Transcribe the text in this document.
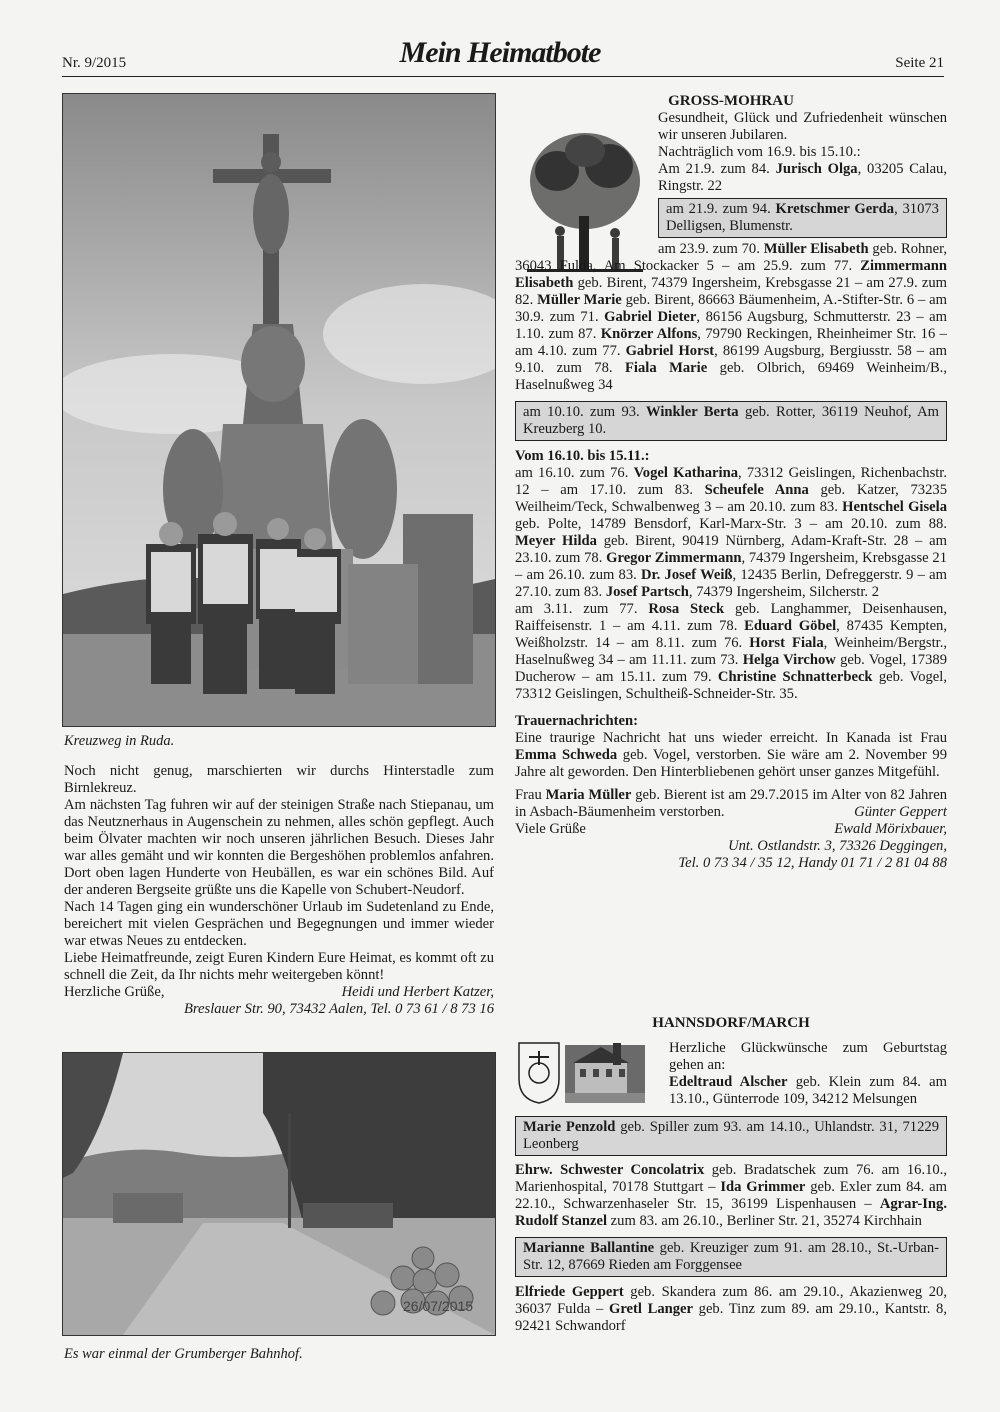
Nr. 9/2015	Mein Heimatbote	Seite 21
Kreuzweg in Ruda.

Noch nicht genug, marschierten wir durchs Hinterstadle zum Birnlekreuz.

Am nächsten Tag fuhren wir auf der steinigen Straße nach Stiepanau, um das Neutznerhaus in Augenschein zu nehmen, alles schön gepflegt. Auch beim Ölvater machten wir noch unseren jährlichen Besuch. Dieses Jahr war alles gemäht und wir konnten die Bergeshöhen problemlos anfahren. Dort oben lagen Hunderte von Heubällen, es war ein schönes Bild. Auf der anderen Bergseite grüßte uns die Kapelle von Schubert-Neudorf.

Nach 14 Tagen ging ein wunderschöner Urlaub im Sudetenland zu Ende, bereichert mit vielen Gesprächen und Begegnungen und immer wieder war etwas Neues zu entdecken.

Liebe Heimatfreunde, zeigt Euren Kindern Eure Heimat, es kommt oft zu schnell die Zeit, da Ihr nichts mehr weitergeben könnt!

Herzliche Grüße,	Heidi und Herbert Katzer,
Breslauer Str. 90, 73432 Aalen, Tel. 0 73 61 / 8 73 16
26/07/2015
Es war einmal der Grumberger Bahnhof.
GROSS-MOHRAU

Gesundheit, Glück und Zufriedenheit wünschen wir unseren Jubilaren.

Nachträglich vom 16.9. bis 15.10.:

Am 21.9. zum 84. Jurisch Olga, 03205 Calau, Ringstr. 22

am 21.9. zum 94. Kretschmer Gerda, 31073 Delligsen, Blumenstr.

am 23.9. zum 70. Müller Elisabeth geb. Rohner, 36043 Fulda, Am Stockacker 5 – am 25.9. zum 77. Zimmermann Elisabeth geb. Birent, 74379 Ingersheim, Krebsgasse 21 – am 27.9. zum 82. Müller Marie geb. Birent, 86663 Bäumenheim, A.-Stifter-Str. 6 – am 30.9. zum 71. Gabriel Dieter, 86156 Augsburg, Schmutterstr. 23 – am 1.10. zum 87. Knörzer Alfons, 79790 Reckingen, Rheinheimer Str. 16 – am 4.10. zum 77. Gabriel Horst, 86199 Augsburg, Bergiusstr. 58 – am 9.10. zum 78. Fiala Marie geb. Olbrich, 69469 Weinheim/B., Haselnußweg 34

am 10.10. zum 93. Winkler Berta geb. Rotter, 36119 Neuhof, Am Kreuzberg 10.

Vom 16.10. bis 15.11.:

am 16.10. zum 76. Vogel Katharina, 73312 Geislingen, Richenbachstr. 12 – am 17.10. zum 83. Scheufele Anna geb. Katzer, 73235 Weilheim/Teck, Schwalbenweg 3 – am 20.10. zum 83. Hentschel Gisela geb. Polte, 14789 Bensdorf, Karl-Marx-Str. 3 – am 20.10. zum 88. Meyer Hilda geb. Birent, 90419 Nürnberg, Adam-Kraft-Str. 28 – am 23.10. zum 78. Gregor Zimmermann, 74379 Ingersheim, Krebsgasse 21 – am 26.10. zum 83. Dr. Josef Weiß, 12435 Berlin, Defreggerstr. 9 – am 27.10. zum 83. Josef Partsch, 74379 Ingersheim, Silcherstr. 2

am 3.11. zum 77. Rosa Steck geb. Langhammer, Deisenhausen, Raiffeisenstr. 1 – am 4.11. zum 78. Eduard Göbel, 87435 Kempten, Weißholzstr. 14 – am 8.11. zum 76. Horst Fiala, Weinheim/Bergstr., Haselnußweg 34 – am 11.11. zum 73. Helga Virchow geb. Vogel, 17389 Ducherow – am 15.11. zum 79. Christine Schnatterbeck geb. Vogel, 73312 Geislingen, Schultheiß-Schneider-Str. 35.

Trauernachrichten:

Eine traurige Nachricht hat uns wieder erreicht. In Kanada ist Frau Emma Schweda geb. Vogel, verstorben. Sie wäre am 2. November 99 Jahre alt geworden. Den Hinterbliebenen gehört unser ganzes Mitgefühl.

Frau Maria Müller geb. Bierent ist am 29.7.2015 im Alter von 82 Jahren in Asbach-Bäumenheim verstorben.	Günter Geppert
Viele Grüße	Ewald Mörixbauer,
Unt. Ostlandstr. 3, 73326 Deggingen,
Tel. 0 73 34 / 35 12, Handy 01 71 / 2 81 04 88
HANNSDORF/MARCH

Herzliche Glückwünsche zum Geburtstag gehen an:

Edeltraud Alscher geb. Klein zum 84. am 13.10., Günterrode 109, 34212 Melsungen

Marie Penzold geb. Spiller zum 93. am 14.10., Uhlandstr. 31, 71229 Leonberg

Ehrw. Schwester Concolatrix geb. Bradatschek zum 76. am 16.10., Marienhospital, 70178 Stuttgart – Ida Grimmer geb. Exler zum 84. am 22.10., Schwarzenhaseler Str. 15, 36199 Lispenhausen – Agrar-Ing. Rudolf Stanzel zum 83. am 26.10., Berliner Str. 21, 35274 Kirchhain

Marianne Ballantine geb. Kreuziger zum 91. am 28.10., St.-Urban-Str. 12, 87669 Rieden am Forggensee

Elfriede Geppert geb. Skandera zum 86. am 29.10., Akazienweg 20, 36037 Fulda – Gretl Langer geb. Tinz zum 89. am 29.10., Kantstr. 8, 92421 Schwandorf
